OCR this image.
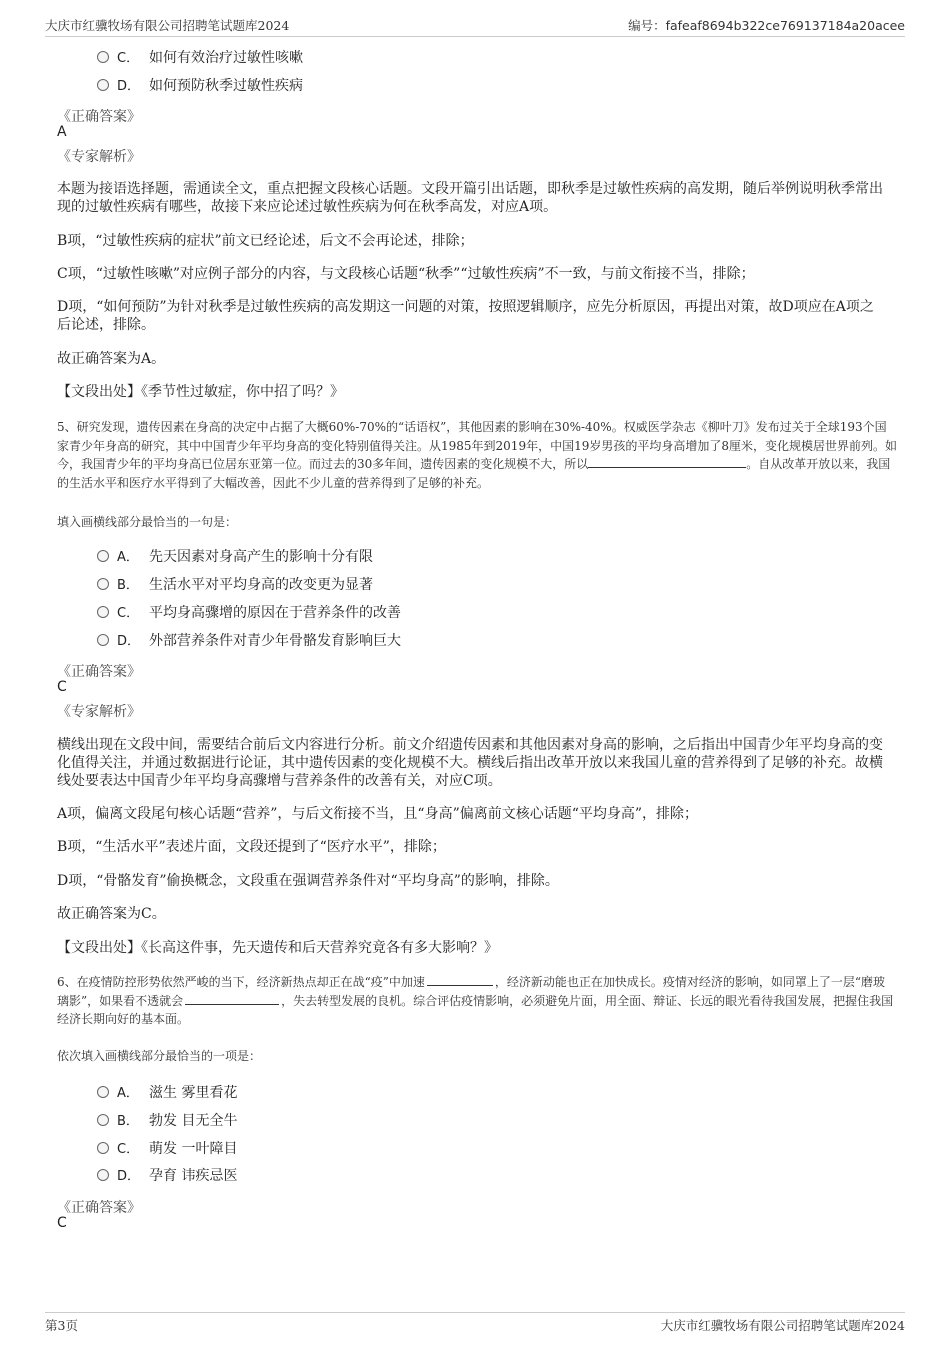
大庆市红骥牧场有限公司招聘笔试题库2024	编号：fafeaf8694b322ce769137184a20acee
C． 如何有效治疗过敏性咳嗽
D． 如何预防秋季过敏性疾病
《正确答案》
A
《专家解析》
本题为接语选择题，需通读全文，重点把握文段核心话题。文段开篇引出话题，即秋季是过敏性疾病的高发期，随后举例说明秋季常出现的过敏性疾病有哪些，故接下来应论述过敏性疾病为何在秋季高发，对应A项。
B项，“过敏性疾病的症状”前文已经论述，后文不会再论述，排除；
C项，“过敏性咳嗽”对应例子部分的内容，与文段核心话题“秋季”“过敏性疾病”不一致，与前文衔接不当，排除；
D项，“如何预防”为针对秋季是过敏性疾病的高发期这一问题的对策，按照逻辑顺序，应先分析原因，再提出对策，故D项应在A项之后论述，排除。
故正确答案为A。
【文段出处】《季节性过敏症，你中招了吗？》
5、研究发现，遗传因素在身高的决定中占据了大概60%-70%的“话语权”，其他因素的影响在30%-40%。权威医学杂志《柳叶刀》发布过关于全球193个国家青少年身高的研究，其中中国青少年平均身高的变化特别值得关注。从1985年到2019年，中国19岁男孩的平均身高增加了8厘米，变化规模居世界前列。如今，我国青少年的平均身高已位居东亚第一位。而过去的30多年间，遗传因素的变化规模不大，所以	。自从改革开放以来，我国的生活水平和医疗水平得到了大幅改善，因此不少儿童的营养得到了足够的补充。
填入画横线部分最恰当的一句是：
A． 先天因素对身高产生的影响十分有限
B． 生活水平对平均身高的改变更为显著
C． 平均身高骤增的原因在于营养条件的改善
D． 外部营养条件对青少年骨骼发育影响巨大
《正确答案》
C
《专家解析》
横线出现在文段中间，需要结合前后文内容进行分析。前文介绍遗传因素和其他因素对身高的影响，之后指出中国青少年平均身高的变化值得关注，并通过数据进行论证，其中遗传因素的变化规模不大。横线后指出改革开放以来我国儿童的营养得到了足够的补充。故横线处要表达中国青少年平均身高骤增与营养条件的改善有关，对应C项。
A项，偏离文段尾句核心话题“营养”，与后文衔接不当，且“身高”偏离前文核心话题“平均身高”，排除；
B项，“生活水平”表述片面，文段还提到了“医疗水平”，排除；
D项，“骨骼发育”偷换概念，文段重在强调营养条件对“平均身高”的影响，排除。
故正确答案为C。
【文段出处】《长高这件事，先天遗传和后天营养究竟各有多大影响？》
6、在疫情防控形势依然严峻的当下，经济新热点却正在战“疫”中加速	，经济新动能也正在加快成长。疫情对经济的影响，如同罩上了一层“磨玻璃影”，如果看不透就会	，失去转型发展的良机。综合评估疫情影响，必须避免片面，用全面、辩证、长远的眼光看待我国发展，把握住我国经济长期向好的基本面。
依次填入画横线部分最恰当的一项是：
A． 滋生 雾里看花
B． 勃发 目无全牛
C． 萌发 一叶障目
D． 孕育 讳疾忌医
《正确答案》
C
第3页	大庆市红骥牧场有限公司招聘笔试题库2024
